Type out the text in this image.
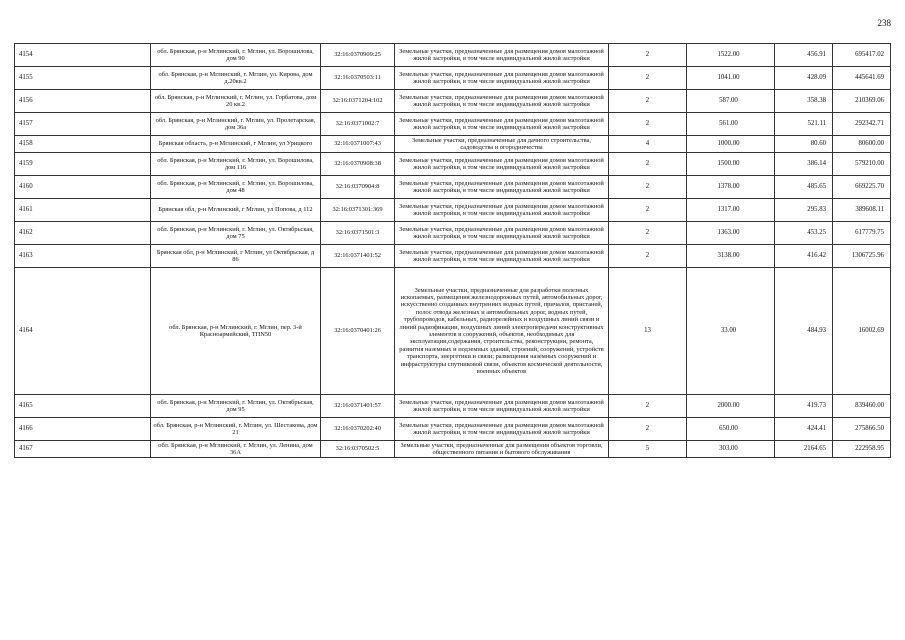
238
4154	обл. Брянская, р-н Мглинский, г. Мглин, ул. Ворошилова, дом 90	32:16:0370909:25	Земельные участки, предназначенные для размещения домов малоэтажной жилой застройки, в том числе индивидуальной жилой застройки	2	1522.00	456.91	695417.02
4155	обл. Брянская, р-н Мглинский, г. Мглин, ул. Кирова, дом д.20кв.2	32:16:0370503:11	Земельные участки, предназначенные для размещения домов малоэтажной жилой застройки, в том числе индивидуальной жилой застройки	2	1041.00	428.09	445641.69
4156	обл. Брянская, р-н Мглинский, г. Мглин, ул. Горбатова, дом 20 кв.2	32:16:0371204:102	Земельные участки, предназначенные для размещения домов малоэтажной жилой застройки, в том числе индивидуальной жилой застройки	2	587.00	358.38	210369.06
4157	обл. Брянская, р-н Мглинский, г. Мглин, ул. Пролетарская, дом 36а	32:16:0371002:7	Земельные участки, предназначенные для размещения домов малоэтажной жилой застройки, в том числе индивидуальной жилой застройки	2	561.00	521.11	292342.71
4158	Брянская область, р-н Мглинский, г Мглин, ул Урицкого	32:16:0371007:43	Земельные участки, предназначенные для дачного строительства, садоводства и огородничества	4	1000.00	80.60	80600.00
4159	обл. Брянская, р-н Мглинский, г. Мглин, ул. Ворошилова, дом 116	32:16:0370908:38	Земельные участки, предназначенные для размещения домов малоэтажной жилой застройки, в том числе индивидуальной жилой застройки	2	1500.00	386.14	579210.00
4160	обл. Брянская, р-н Мглинский, г. Мглин, ул. Ворошилова, дом 48	32:16:0370904:8	Земельные участки, предназначенные для размещения домов малоэтажной жилой застройки, в том числе индивидуальной жилой застройки	2	1378.00	485.65	669225.70
4161	Брянская обл, р-н Мглинский, г Мглин, ул Попова, д 112	32:16:0371301:369	Земельные участки, предназначенные для размещения домов малоэтажной жилой застройки, в том числе индивидуальной жилой застройки	2	1317.00	295.83	389608.11
4162	обл. Брянская, р-н Мглинский, г. Мглин, ул. Октябрьская, дом 75	32:16:0371501:3	Земельные участки, предназначенные для размещения домов малоэтажной жилой застройки, в том числе индивидуальной жилой застройки	2	1363.00	453.25	617779.75
4163	Брянская обл, р-н Мглинский, г Мглин, ул Октябрьская, д 86	32:16:0371401:52	Земельные участки, предназначенные для размещения домов малоэтажной жилой застройки, в том числе индивидуальной жилой застройки	2	3138.00	416.42	1306725.96
4164	обл. Брянская, р-н Мглинский, г. Мглин, пер. 3-й Красноармейский, ТПN50	32:16:0370401:26	Земельные участки, предназначенные для разработки полезных ископаемых, размещения железнодорожных путей, автомобильных дорог, искусственно созданных внутренних водных путей, причалов, пристаней, полос отвода железных и автомобильных дорог, водных путей, трубопроводов, кабельных, радиорелейных и воздушных линий связи и линий радиофикации, воздушных линий электропередачи конструктивных элементов и сооружений, объектов, необходимых для эксплуатации,содержания, строительства, реконструкции, ремонта, развития наземных и подземных зданий, строений, сооружений, устройств транспорта, энергетики и связи; размещения наземных сооружений и инфраструктуры спутниковой связи, объектов космической деятельности, военных объектов	13	33.00	484.93	16002.69
4165	обл. Брянская, р-н Мглинский, г. Мглин, ул. Октябрьская, дом 95	32:16:0371401:57	Земельные участки, предназначенные для размещения домов малоэтажной жилой застройки, в том числе индивидуальной жилой застройки	2	2000.00	419.73	839460.00
4166	обл. Брянская, р-н Мглинский, г. Мглин, ул. Шестакова, дом 21	32:16:0370202:40	Земельные участки, предназначенные для размещения домов малоэтажной жилой застройки, в том числе индивидуальной жилой застройки	2	650.00	424.41	275866.50
4167	обл. Брянская, р-н Мглинский, г. Мглин, ул. Ленина, дом 36А	32:16:0370502:5	Земельные участки, предназначенные для размещения объектов торговли, общественного питания и бытового обслуживания	5	303.00	2164.65	222958.95
